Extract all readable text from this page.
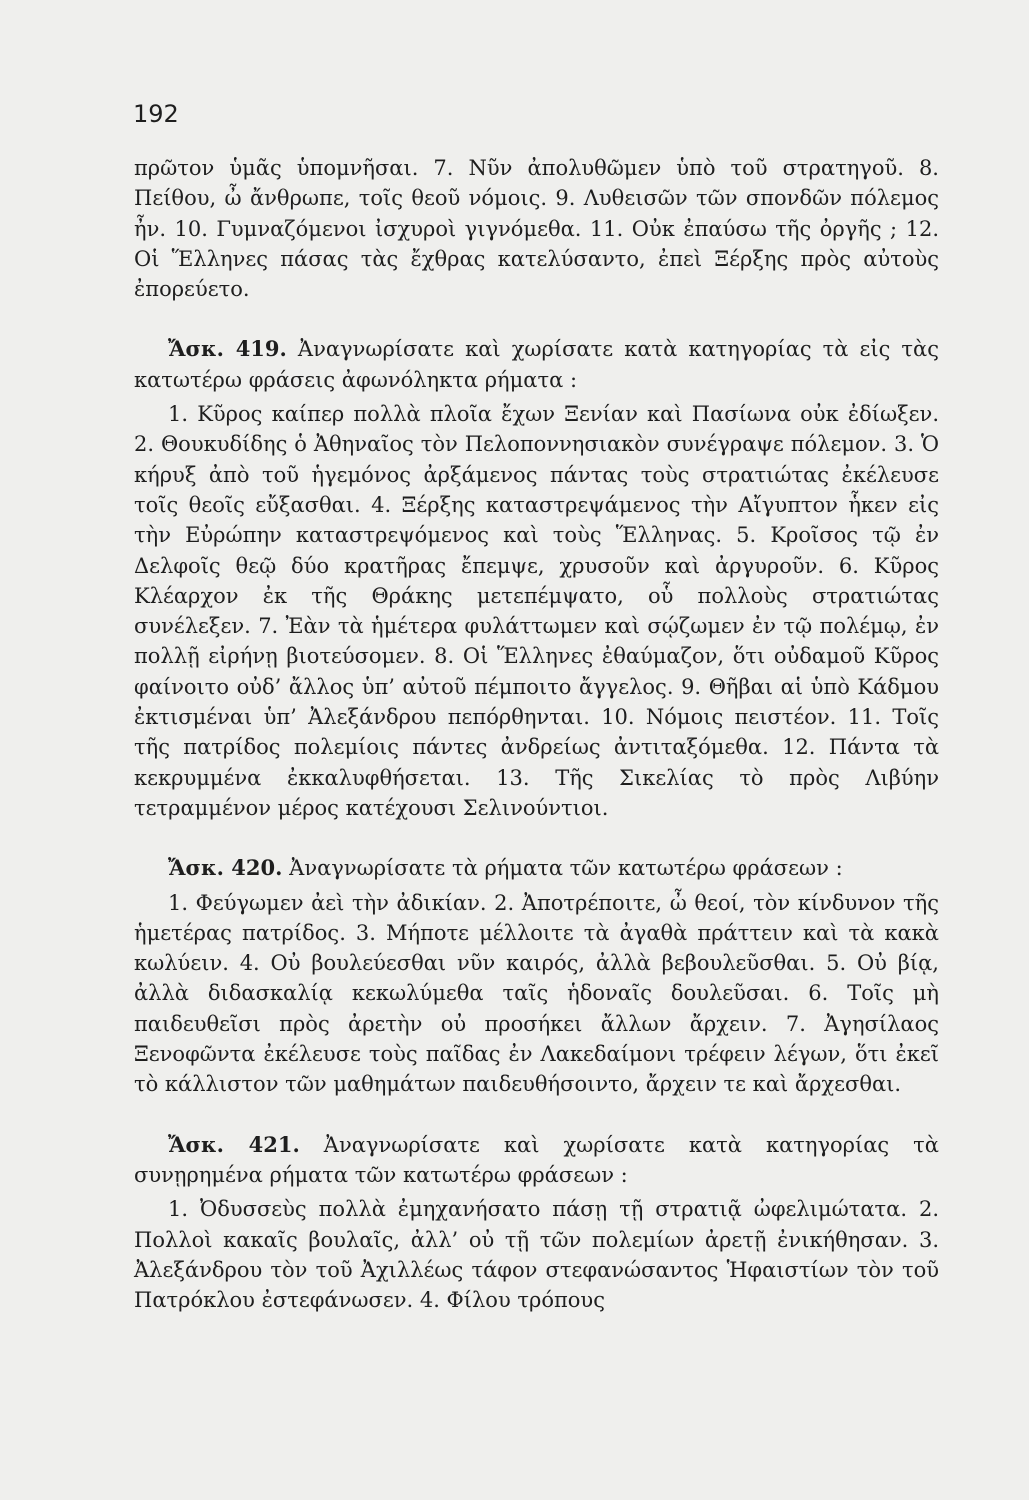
192

πρῶτον ὑμᾶς ὑπομνῆσαι. 7. Νῦν ἀπολυθῶμεν ὑπὸ τοῦ στρατηγοῦ. 8. Πείθου, ὦ ἄνθρωπε, τοῖς θεοῦ νόμοις. 9. Λυθεισῶν τῶν σπονδῶν πόλεμος ἦν. 10. Γυμναζόμενοι ἰσχυροὶ γιγνόμεθα. 11. Οὐκ ἐπαύσω τῆς ὀργῆς ; 12. Οἱ Ἕλληνες πάσας τὰς ἔχθρας κατελύσαντο, ἐπεὶ Ξέρξης πρὸς αὐτοὺς ἐπορεύετο.

Ἄσκ. 419. Ἀναγνωρίσατε καὶ χωρίσατε κατὰ κατηγορίας τὰ εἰς τὰς κατωτέρω φράσεις ἀφωνόληκτα ρήματα :

1. Κῦρος καίπερ πολλὰ πλοῖα ἔχων Ξενίαν καὶ Πασίωνα οὐκ ἐδίωξεν. 2. Θουκυδίδης ὁ Ἀθηναῖος τὸν Πελοποννησιακὸν συνέγραψε πόλεμον. 3. Ὁ κήρυξ ἀπὸ τοῦ ἡγεμόνος ἀρξάμενος πάντας τοὺς στρατιώτας ἐκέλευσε τοῖς θεοῖς εὔξασθαι. 4. Ξέρξης καταστρεψάμενος τὴν Αἴγυπτον ἧκεν εἰς τὴν Εὐρώπην καταστρεψόμενος καὶ τοὺς Ἕλληνας. 5. Κροῖσος τῷ ἐν Δελφοῖς θεῷ δύο κρατῆρας ἔπεμψε, χρυσοῦν καὶ ἀργυροῦν. 6. Κῦρος Κλέαρχον ἐκ τῆς Θράκης μετεπέμψατο, οὗ πολλοὺς στρατιώτας συνέλεξεν. 7. Ἐὰν τὰ ἡμέτερα φυλάττωμεν καὶ σῴζωμεν ἐν τῷ πολέμῳ, ἐν πολλῇ εἰρήνῃ βιοτεύσομεν. 8. Οἱ Ἕλληνες ἐθαύμαζον, ὅτι οὐδαμοῦ Κῦρος φαίνοιτο οὐδ’ ἄλλος ὑπ’ αὐτοῦ πέμποιτο ἄγγελος. 9. Θῆβαι αἱ ὑπὸ Κάδμου ἐκτισμέναι ὑπ’ Ἀλεξάνδρου πεπόρθηνται. 10. Νόμοις πειστέον. 11. Τοῖς τῆς πατρίδος πολεμίοις πάντες ἀνδρείως ἀντιταξόμεθα. 12. Πάντα τὰ κεκρυμμένα ἐκκαλυφθήσεται. 13. Τῆς Σικελίας τὸ πρὸς Λιβύην τετραμμένον μέρος κατέχουσι Σελινούντιοι.

Ἄσκ. 420. Ἀναγνωρίσατε τὰ ρήματα τῶν κατωτέρω φράσεων :

1. Φεύγωμεν ἀεὶ τὴν ἀδικίαν. 2. Ἀποτρέποιτε, ὦ θεοί, τὸν κίνδυνον τῆς ἡμετέρας πατρίδος. 3. Μήποτε μέλλοιτε τὰ ἀγαθὰ πράττειν καὶ τὰ κακὰ κωλύειν. 4. Οὐ βουλεύεσθαι νῦν καιρός, ἀλλὰ βεβουλεῦσθαι. 5. Οὐ βίᾳ, ἀλλὰ διδασκαλίᾳ κεκωλύμεθα ταῖς ἡδοναῖς δουλεῦσαι. 6. Τοῖς μὴ παιδευθεῖσι πρὸς ἀρετὴν οὐ προσήκει ἄλλων ἄρχειν. 7. Ἀγησίλαος Ξενοφῶντα ἐκέλευσε τοὺς παῖδας ἐν Λακεδαίμονι τρέφειν λέγων, ὅτι ἐκεῖ τὸ κάλλιστον τῶν μαθημάτων παιδευθήσοιντο, ἄρχειν τε καὶ ἄρχεσθαι.

Ἄσκ. 421. Ἀναγνωρίσατε καὶ χωρίσατε κατὰ κατηγορίας τὰ συνῃρημένα ρήματα τῶν κατωτέρω φράσεων :

1. Ὀδυσσεὺς πολλὰ ἐμηχανήσατο πάσῃ τῇ στρατιᾷ ὠφελιμώτατα. 2. Πολλοὶ κακαῖς βουλαῖς, ἀλλ’ οὐ τῇ τῶν πολεμίων ἀρετῇ ἐνικήθησαν. 3. Ἀλεξάνδρου τὸν τοῦ Ἀχιλλέως τάφον στεφανώσαντος Ἡφαιστίων τὸν τοῦ Πατρόκλου ἐστεφάνωσεν. 4. Φίλου τρόπους
